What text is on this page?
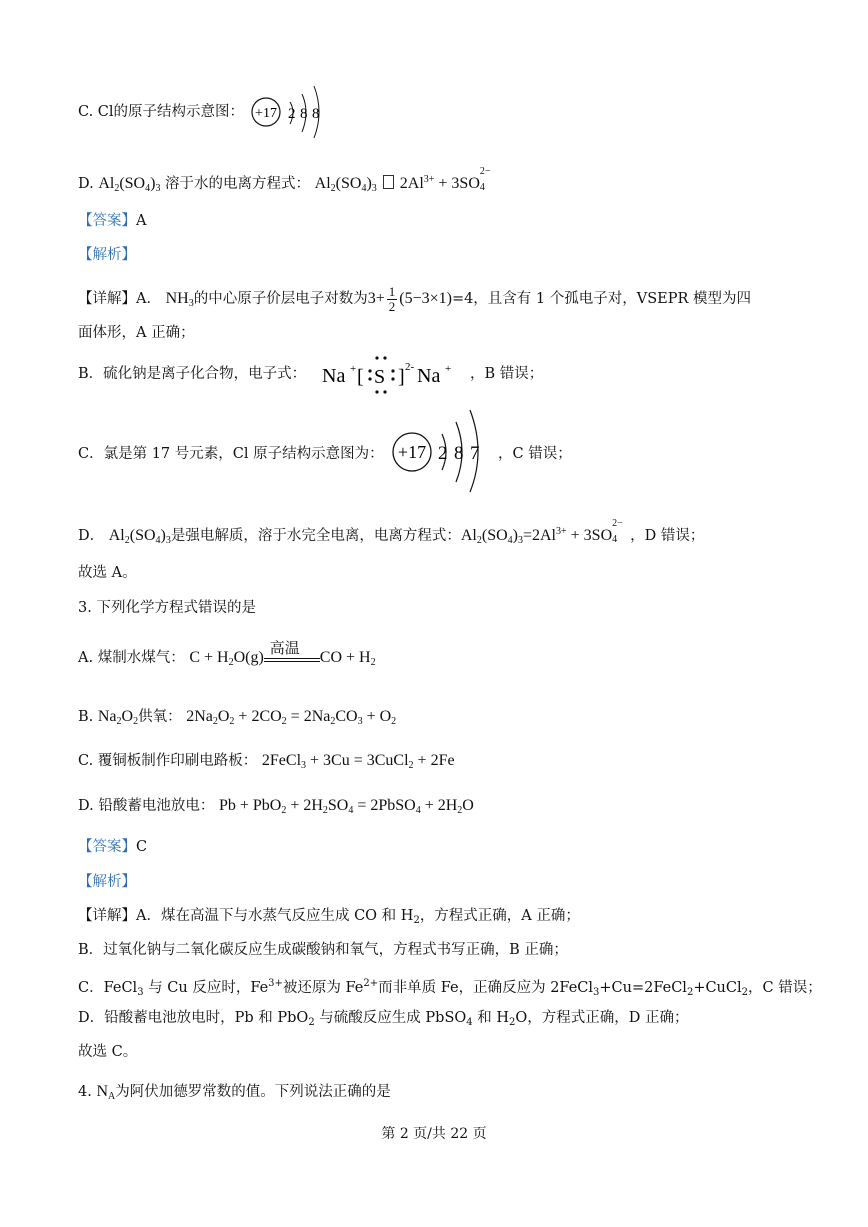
C. Cl的原子结构示意图： +17 2 8 8
D. $Al_2(SO_4)_3$ 溶于水的电离方程式： $Al_2(SO_4)_3$ $2Al^{3+} + 3SO$
2−
4
【答案】A
【解析】
【详解】A． $NH_3$的中心原子价层电子对数为$3+ \frac{1}{2} (5-3\times 1)=4$，且含有 1 个孤电子对，VSEPR 模型为四
面体形，A 正确；
B．硫化钠是离子化合物，电子式： Na + [ S ] 2- Na + ，B 错误；
C．氯是第 17 号元素，Cl 原子结构示意图为： +17 2 8 7 ，C 错误；
D． $Al_2(SO_4)_3$是强电解质，溶于水完全电离，电离方程式：$Al_2(SO_4)_3=2Al^{3+} + 3SO$
2−
4 ，D 错误；
故选 A。
3. 下列化学方程式错误的是
A. 煤制水煤气： $C + H_2O(g)$
高温
CO + $H_2$
B. $Na_2O_2$供氧： $2Na_2O_2 + 2CO_2 = 2Na_2CO_3 + O_2$
C. 覆铜板制作印刷电路板： 2FeCl$_3$ + 3Cu = 3CuCl$_2$ + 2Fe
D. 铅酸蓄电池放电： $Pb + PbO_2 + 2H_2SO_4$ = 2PbSO$_4$ + $2H_2O$
【答案】C
【解析】
【详解】A．煤在高温下与水蒸气反应生成 CO 和 $H_2$，方程式正确，A 正确；
B．过氧化钠与二氧化碳反应生成碳酸钠和氧气，方程式书写正确，B 正确；
C．FeCl$_3$ 与 Cu 反应时，$Fe^{3+}$被还原为 $Fe^{2+}$而非单质 Fe，正确反应为 2FeCl$_3$+Cu=2FeCl$_2$+CuCl$_2$，C 错误；
D．铅酸蓄电池放电时，Pb 和 PbO$_2$ 与硫酸反应生成 PbSO$_4$ 和 $H_2O$，方程式正确，D 正确；
故选 C。
4. $N_A$为阿伏加德罗常数的值。下列说法正确的是
第 2 页/共 22 页
